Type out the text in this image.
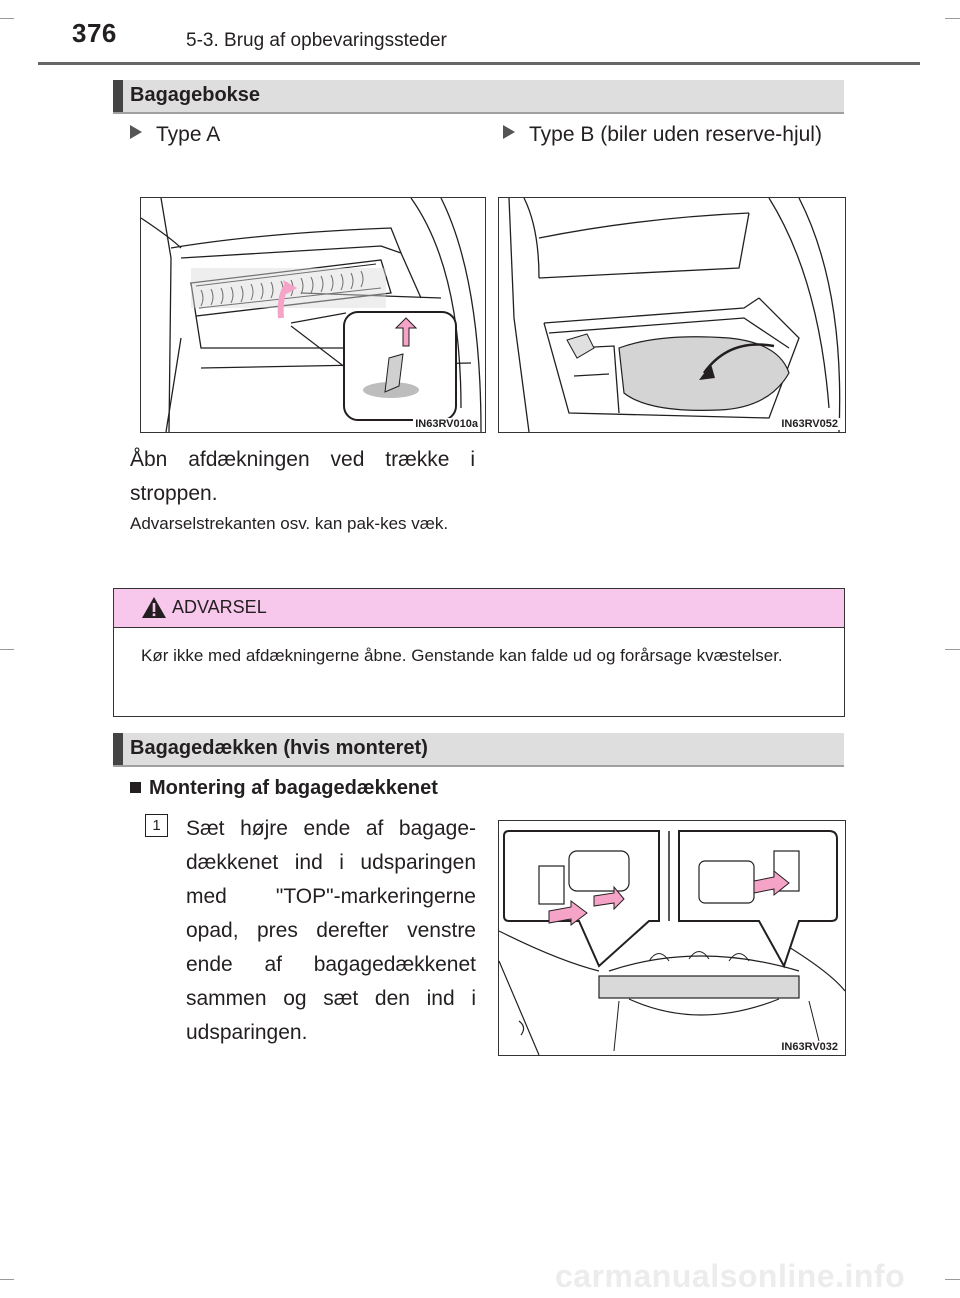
376	5-3. Brug af opbevaringssteder
Bagagebokse
Type A	Type B (biler uden reserve-hjul)
IN63RV010a	IN63RV052
Åbn afdækningen ved trække i stroppen.
Advarselstrekanten osv. kan pak-kes væk.
ADVARSEL
Kør ikke med afdækningerne åbne. Genstande kan falde ud og forårsage kvæstelser.
Bagagedækken (hvis monteret)
Montering af bagagedækkenet
1	Sæt højre ende af bagage-dækkenet ind i udsparingen med "TOP"-markeringerne opad, pres derefter venstre ende af bagagedækkenet sammen og sæt den ind i udsparingen.
IN63RV032
carmanualsonline.info
